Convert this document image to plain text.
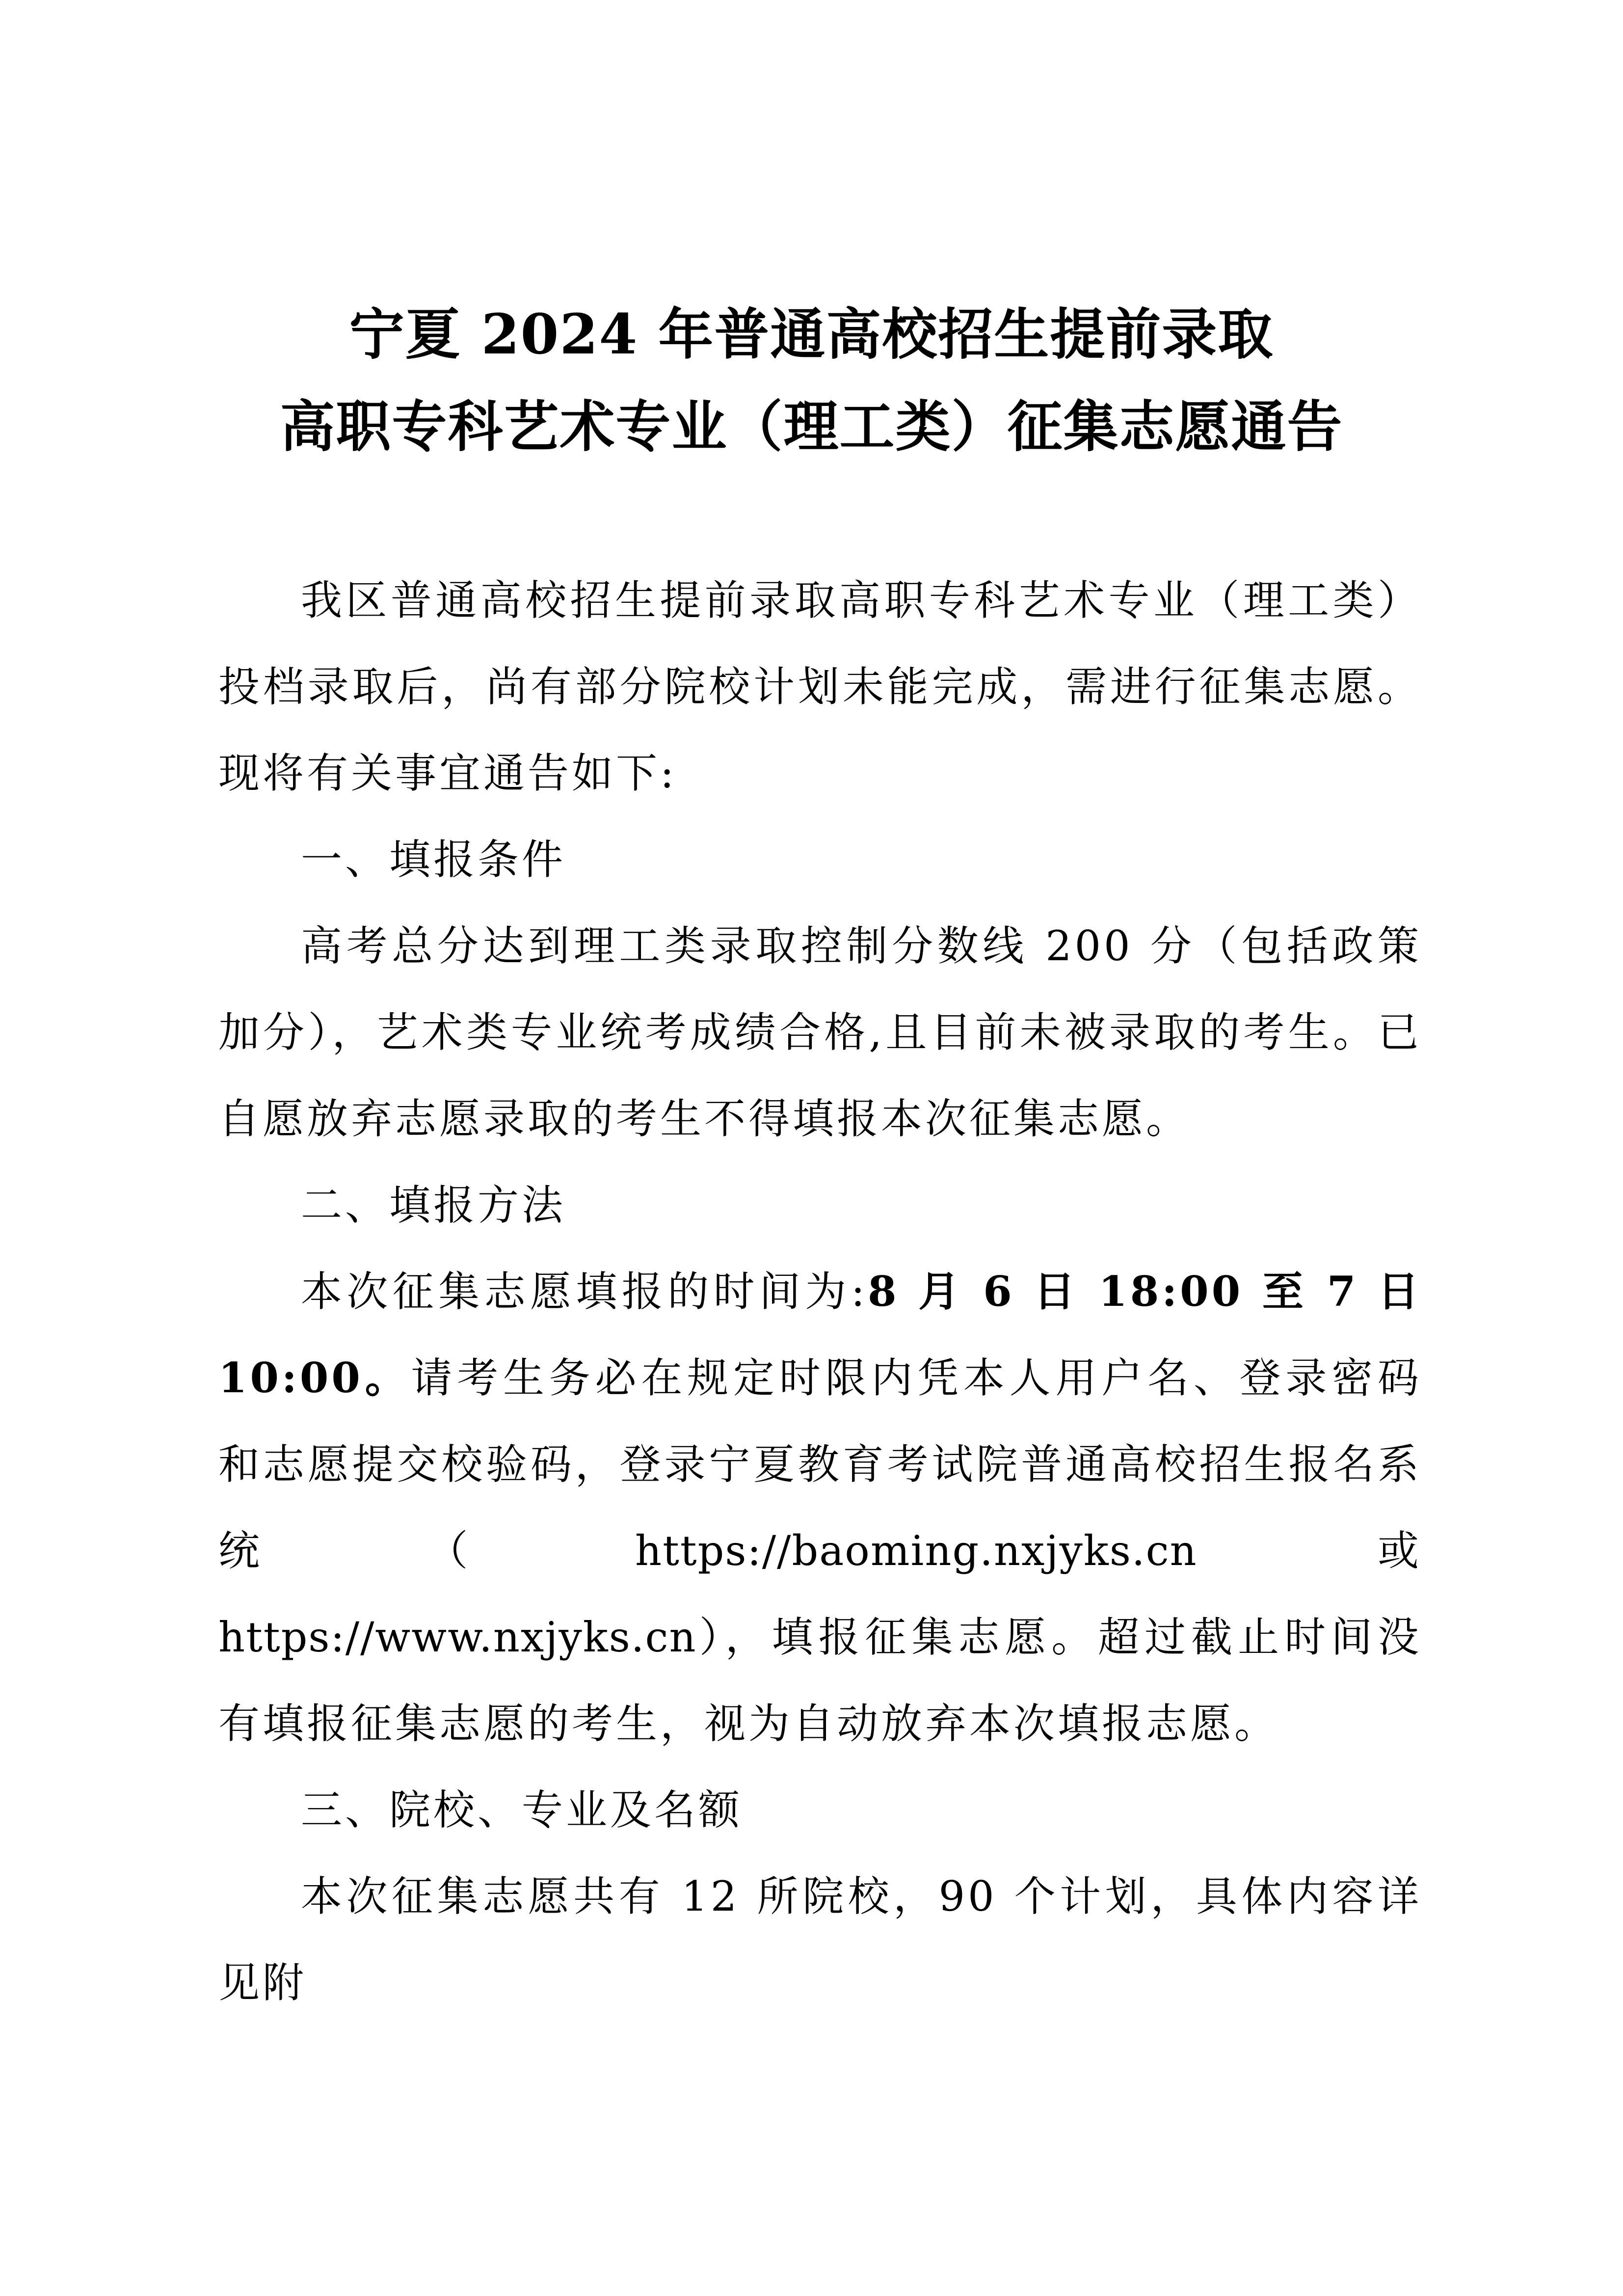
宁夏 2024 年普通高校招生提前录取
高职专科艺术专业（理工类）征集志愿通告

我区普通高校招生提前录取高职专科艺术专业（理工类）投档录取后，尚有部分院校计划未能完成，需进行征集志愿。现将有关事宜通告如下:

一、填报条件

高考总分达到理工类录取控制分数线 200 分（包括政策加分），艺术类专业统考成绩合格,且目前未被录取的考生。已自愿放弃志愿录取的考生不得填报本次征集志愿。

二、填报方法

本次征集志愿填报的时间为:8 月 6 日 18:00 至 7 日 10:00。请考生务必在规定时限内凭本人用户名、登录密码和志愿提交校验码，登录宁夏教育考试院普通高校招生报名系统（https://baoming.nxjyks.cn 或 https://www.nxjyks.cn），填报征集志愿。超过截止时间没有填报征集志愿的考生，视为自动放弃本次填报志愿。

三、院校、专业及名额

本次征集志愿共有 12 所院校，90 个计划，具体内容详见附
